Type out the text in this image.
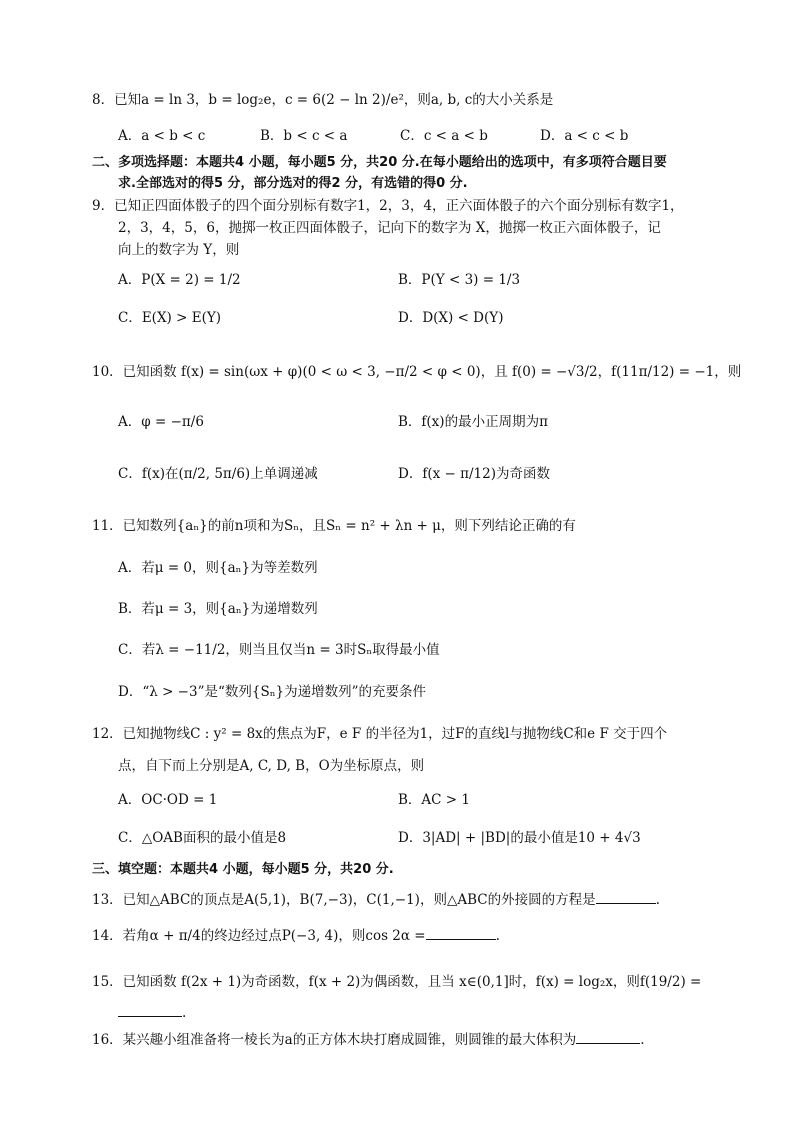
8．已知a = ln 3，b = log₂e，c = 6(2 − ln 2)/e²，则a, b, c的大小关系是
A．a < b < c	B．b < c < a	C．c < a < b	D．a < c < b
二、多项选择题：本题共4 小题，每小题5 分，共20 分.在每小题给出的选项中，有多项符合题目要
求.全部选对的得5 分，部分选对的得2 分，有选错的得0 分.
9．已知正四面体骰子的四个面分别标有数字1，2，3，4，正六面体骰子的六个面分别标有数字1，
2，3，4，5，6，抛掷一枚正四面体骰子，记向下的数字为 X，抛掷一枚正六面体骰子，记
向上的数字为 Y，则
A．P(X = 2) = 1/2	B．P(Y < 3) = 1/3
C．E(X) > E(Y)	D．D(X) < D(Y)
10．已知函数 f(x) = sin(ωx + φ)(0 < ω < 3, −π/2 < φ < 0)，且 f(0) = −√3/2，f(11π/12) = −1，则
A．φ = −π/6	B．f(x)的最小正周期为π
C．f(x)在(π/2, 5π/6)上单调递减	D．f(x − π/12)为奇函数
11．已知数列{aₙ}的前n项和为Sₙ，且Sₙ = n² + λn + μ，则下列结论正确的有
A．若μ = 0，则{aₙ}为等差数列
B．若μ = 3，则{aₙ}为递增数列
C．若λ = −11/2，则当且仅当n = 3时Sₙ取得最小值
D．“λ > −3”是“数列{Sₙ}为递增数列”的充要条件
12．已知抛物线C : y² = 8x的焦点为F，e F 的半径为1，过F的直线l与抛物线C和e F 交于四个
点，自下而上分别是A, C, D, B，O为坐标原点，则
A．OC·OD = 1	B．AC > 1
C．△OAB面积的最小值是8	D．3|AD| + |BD|的最小值是10 + 4√3
三、填空题：本题共4 小题，每小题5 分，共20 分.
13．已知△ABC的顶点是A(5,1)，B(7,−3)，C(1,−1)，则△ABC的外接圆的方程是	.
14．若角α + π/4的终边经过点P(−3, 4)，则cos 2α =	.
15．已知函数 f(2x + 1)为奇函数，f(x + 2)为偶函数，且当 x∈(0,1]时，f(x) = log₂x，则f(19/2) =
.
16．某兴趣小组准备将一棱长为a的正方体木块打磨成圆锥，则圆锥的最大体积为	.
